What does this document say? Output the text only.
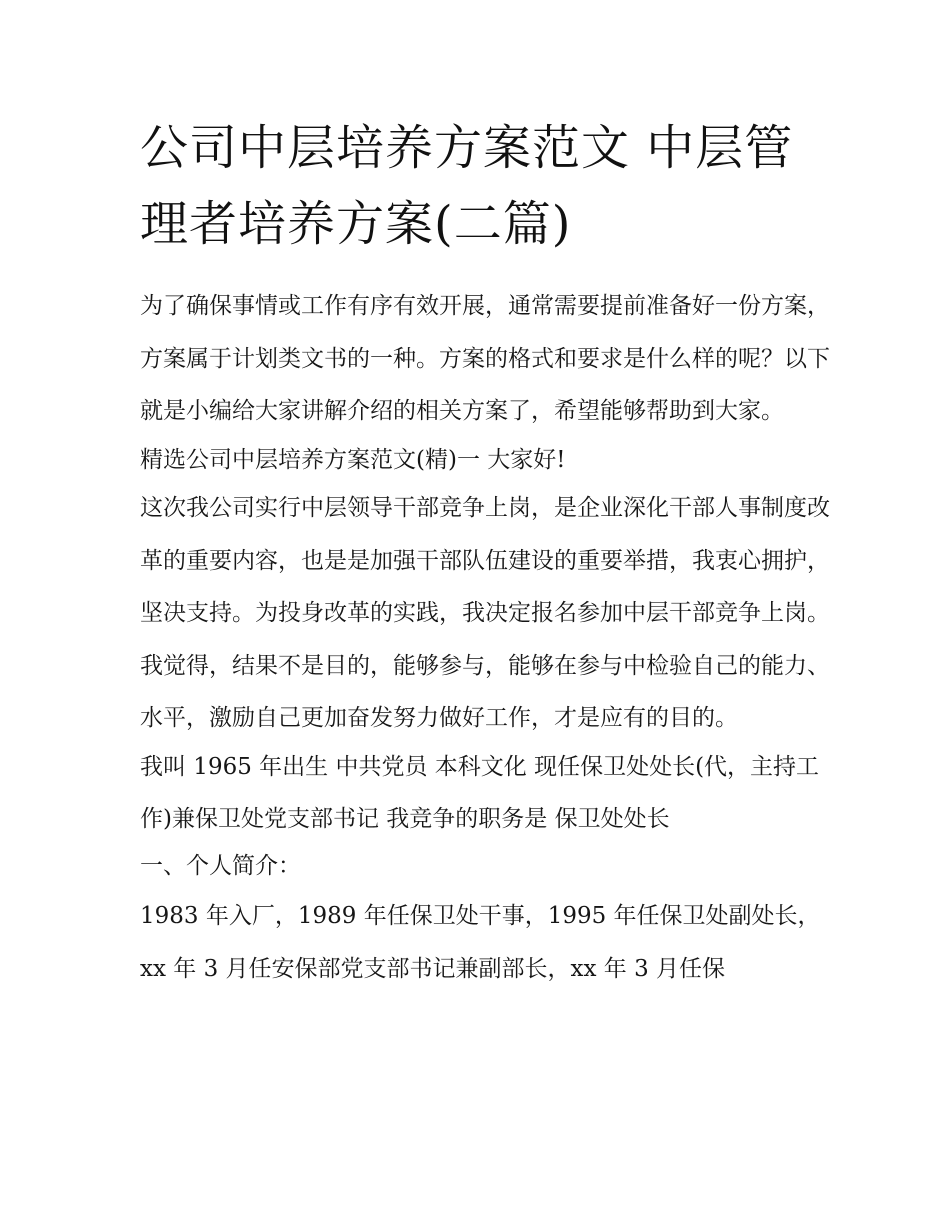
公司中层培养方案范文 中层管理者培养方案(二篇)

为了确保事情或工作有序有效开展，通常需要提前准备好一份方案，方案属于计划类文书的一种。方案的格式和要求是什么样的呢？以下就是小编给大家讲解介绍的相关方案了，希望能够帮助到大家。

精选公司中层培养方案范文(精)一 大家好!

这次我公司实行中层领导干部竞争上岗，是企业深化干部人事制度改革的重要内容，也是是加强干部队伍建设的重要举措，我衷心拥护，坚决支持。为投身改革的实践，我决定报名参加中层干部竞争上岗。我觉得，结果不是目的，能够参与，能够在参与中检验自己的能力、水平，激励自己更加奋发努力做好工作，才是应有的目的。

我叫 1965 年出生 中共党员 本科文化 现任保卫处处长(代，主持工作)兼保卫处党支部书记 我竞争的职务是 保卫处处长

一、个人简介：

1983 年入厂，1989 年任保卫处干事，1995 年任保卫处副处长，xx 年 3 月任安保部党支部书记兼副部长，xx 年 3 月任保
